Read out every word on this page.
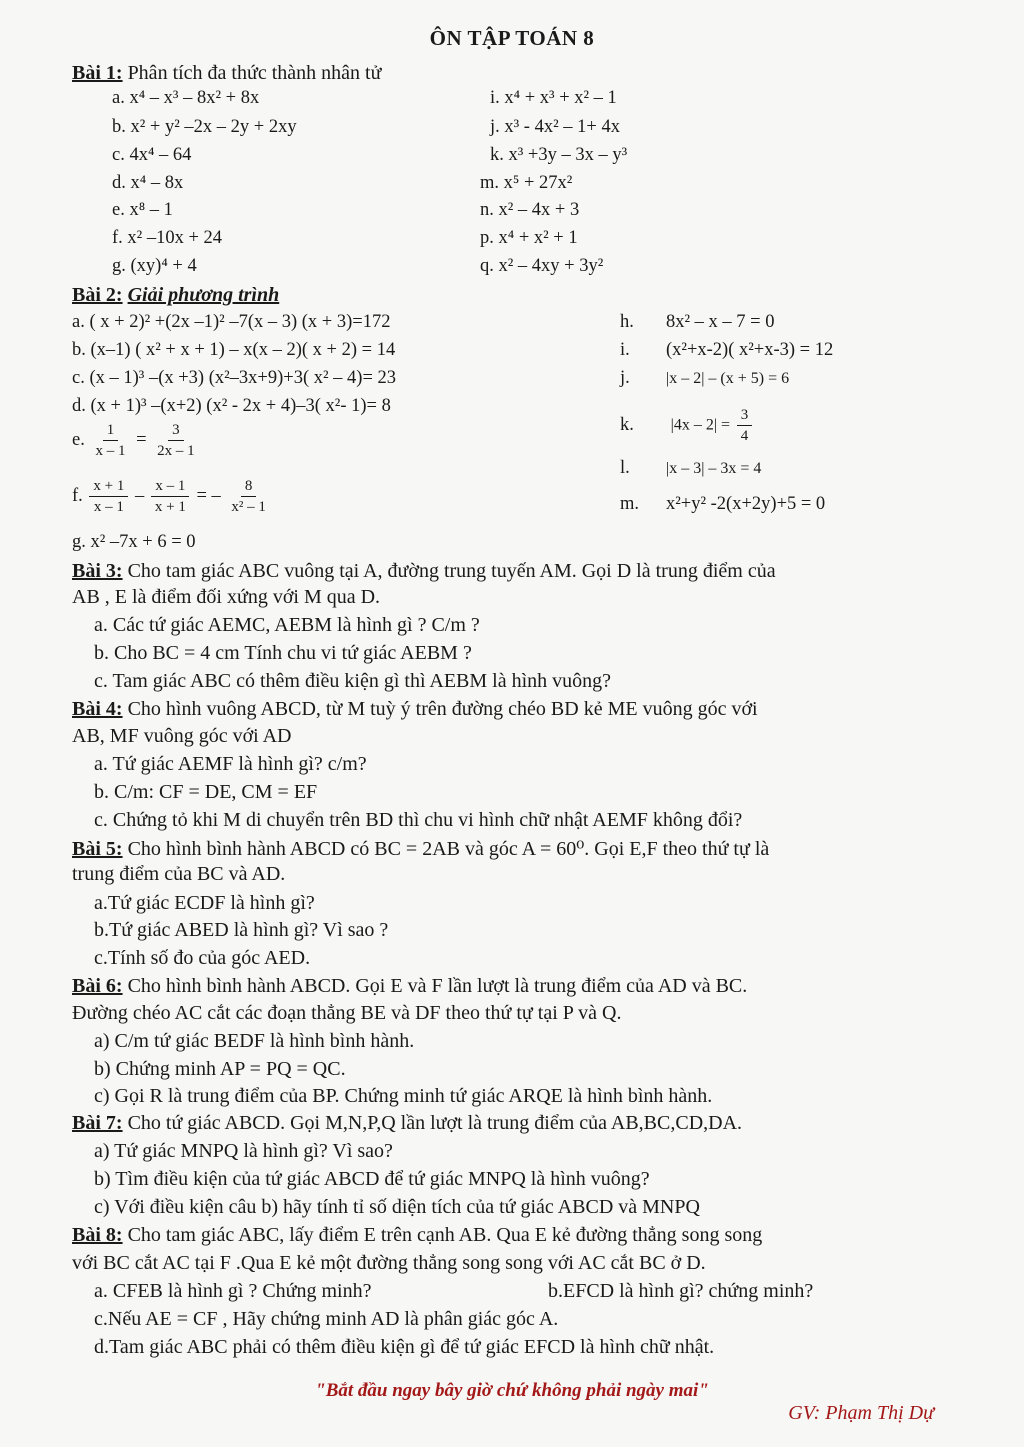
ÔN TẬP TOÁN 8
Bài 1: Phân tích đa thức thành nhân tử
a. x⁴ – x³ – 8x² + 8x
b. x² + y² –2x – 2y + 2xy
c. 4x⁴ – 64
d. x⁴ – 8x
e. x⁸ – 1
f. x² –10x + 24
g. (xy)⁴ + 4
i. x⁴ + x³ + x² – 1
j. x³ - 4x² – 1+ 4x
k. x³ +3y – 3x – y³
m. x⁵ + 27x²
n. x² – 4x + 3
p. x⁴ + x² + 1
q. x² – 4xy + 3y²
Bài 2: Giải phương trình
a. ( x + 2)² +(2x –1)² –7(x – 3) (x + 3)=172
b. (x–1) ( x² + x + 1) – x(x – 2)( x + 2) = 14
c. (x – 1)³ –(x +3) (x²–3x+9)+3( x² – 4)= 23
d. (x + 1)³ –(x+2) (x² - 2x + 4)–3( x²- 1)= 8
e. $\frac{1}{x - 1} = \frac{3}{2x - 1}$
f. $\frac{x + 1}{x - 1} - \frac{x - 1}{x + 1}$ = – $\frac{8}{\text{x² – 1}}$
g. x² –7x + 6 = 0
h. 8x² – x – 7 = 0
i. (x²+x-2)( x²+x-3) = 12
j. |x – 2| – (x + 5) = 6
k. $|4x - 2| = \frac{3}{4}$
l. |x – 3| – 3x = 4
m. x²+y² -2(x+2y)+5 = 0
Bài 3: Cho tam giác ABC vuông tại A, đường trung tuyến AM. Gọi D là trung điểm của
AB , E là điểm đối xứng với M qua D.
a. Các tứ giác AEMC, AEBM là hình gì ? C/m ?
b. Cho BC = 4 cm Tính chu vi tứ giác AEBM ?
c. Tam giác ABC có thêm điều kiện gì thì AEBM là hình vuông?
Bài 4: Cho hình vuông ABCD, từ M tuỳ ý trên đường chéo BD kẻ ME vuông góc với
AB, MF vuông góc với AD
a. Tứ giác AEMF là hình gì? c/m?
b. C/m: CF = DE, CM = EF
c. Chứng tỏ khi M di chuyển trên BD thì chu vi hình chữ nhật AEMF không đổi?
Bài 5: Cho hình bình hành ABCD có BC = 2AB và góc A = 60⁰. Gọi E,F theo thứ tự là
trung điểm của BC và AD.
a.Tứ giác ECDF là hình gì?
b.Tứ giác ABED là hình gì? Vì sao ?
c.Tính số đo của góc AED.
Bài 6: Cho hình bình hành ABCD. Gọi E và F lần lượt là trung điểm của AD và BC.
Đường chéo AC cắt các đoạn thẳng BE và DF theo thứ tự tại P và Q.
a) C/m tứ giác BEDF là hình bình hành.
b) Chứng minh AP = PQ = QC.
c) Gọi R là trung điểm của BP. Chứng minh tứ giác ARQE là hình bình hành.
Bài 7: Cho tứ giác ABCD. Gọi M,N,P,Q lần lượt là trung điểm của AB,BC,CD,DA.
a) Tứ giác MNPQ là hình gì? Vì sao?
b) Tìm điều kiện của tứ giác ABCD để tứ giác MNPQ là hình vuông?
c) Với điều kiện câu b) hãy tính tỉ số diện tích của tứ giác ABCD và MNPQ
Bài 8: Cho tam giác ABC, lấy điểm E trên cạnh AB. Qua E kẻ đường thẳng song song
với BC cắt AC tại F .Qua E kẻ một đường thẳng song song với AC cắt BC ở D.
a. CFEB là hình gì ? Chứng minh?	b.EFCD là hình gì? chứng minh?
c.Nếu AE = CF , Hãy chứng minh AD là phân giác góc A.
d.Tam giác ABC phải có thêm điều kiện gì để tứ giác EFCD là hình chữ nhật.
"Bắt đầu ngay bây giờ chứ không phải ngày mai"
GV: Phạm Thị Dự
